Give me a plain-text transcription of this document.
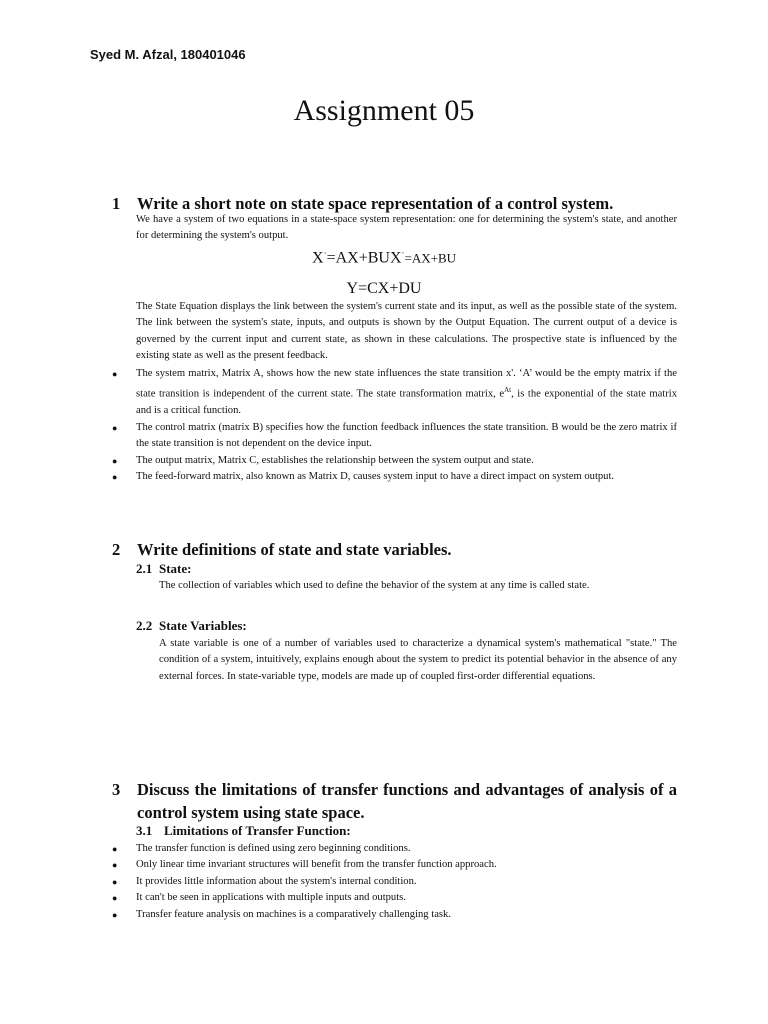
Syed M. Afzal, 180401046
Assignment 05
1 Write a short note on state space representation of a control system.
We have a system of two equations in a state-space system representation: one for determining the system's state, and another for determining the system's output.
X·=AX+BUX·=AX+BU
Y=CX+DU
The State Equation displays the link between the system's current state and its input, as well as the possible state of the system. The link between the system's state, inputs, and outputs is shown by the Output Equation. The current output of a device is governed by the current input and current state, as shown in these calculations. The prospective state is influenced by the existing state as well as the present feedback.
● The system matrix, Matrix A, shows how the new state influences the state transition x'. ‘A’ would be the empty matrix if the state transition is independent of the current state. The state transformation matrix, $e^{At}$, is the exponential of the state matrix and is a critical function.
● The control matrix (matrix B) specifies how the function feedback influences the state transition. B would be the zero matrix if the state transition is not dependent on the device input.
● The output matrix, Matrix C, establishes the relationship between the system output and state.
● The feed-forward matrix, also known as Matrix D, causes system input to have a direct impact on system output.
2 Write definitions of state and state variables.
2.1 State:
The collection of variables which used to define the behavior of the system at any time is called state.
2.2 State Variables:
A state variable is one of a number of variables used to characterize a dynamical system's mathematical "state." The condition of a system, intuitively, explains enough about the system to predict its potential behavior in the absence of any external forces. In state-variable type, models are made up of coupled first-order differential equations.
3 Discuss the limitations of transfer functions and advantages of analysis of a control system using state space.
3.1 Limitations of Transfer Function:
● The transfer function is defined using zero beginning conditions.
● Only linear time invariant structures will benefit from the transfer function approach.
● It provides little information about the system's internal condition.
● It can't be seen in applications with multiple inputs and outputs.
● Transfer feature analysis on machines is a comparatively challenging task.
